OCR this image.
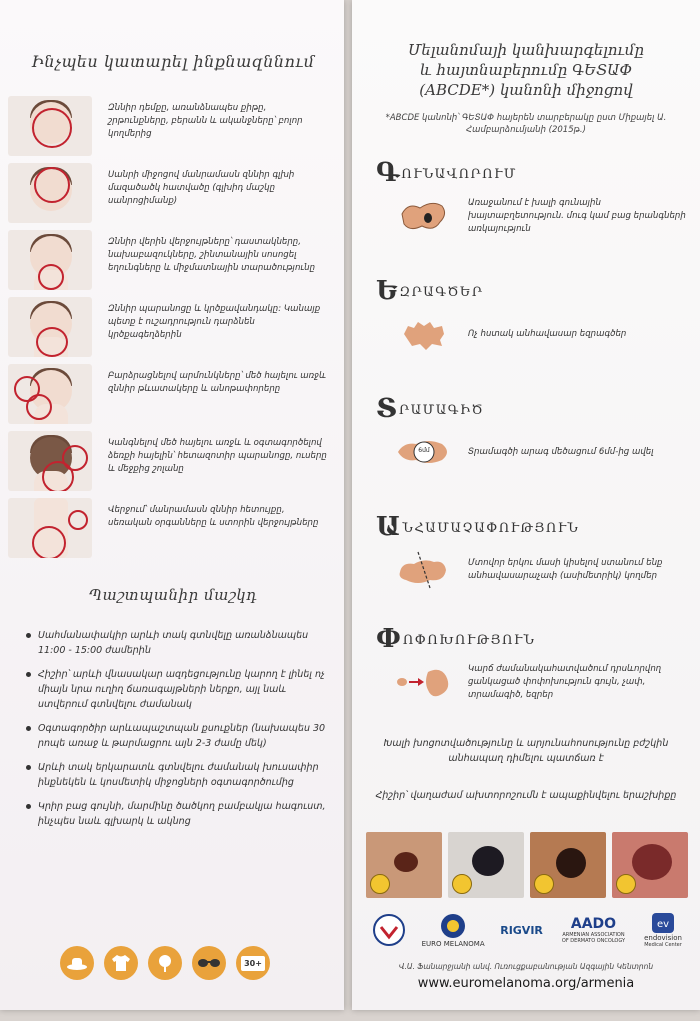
Ինչպես կատարել ինքնազննում
Զննիր դեմքը, առանձնապես քիթը, շրթունքները, բերանն և ականջները՝ բոլոր կողմերից
Սանրի միջոցով մանրամասն զննիր գլխի մազածածկ հատվածը (գլխիդ մաշկը սանրոցիմանք)
Զննիր վերին վերջույթները՝ դաստակները, նախաբազուկները, շինտանային սոսոցել եղունգները և միջմատնային տարածությունը
Զննիր պարանոցը և կրծքավանդակը: Կանայք պետք է ուշադրություն դարձնեն կրծքագեղձերին
Բարձրացնելով արմունկները՝ մեծ հայելու առջև զննիր թևատակերը և անոթափորերը
Կանգնելով մեծ հայելու առջև և օգտագործելով ձեռքի հայելին՝ հետազոտիր պարանոցը, ուսերը և մեջքից շոլանը
Վերջում՝ մանրամասն զննիր հետույքը, սեռական օրգանները և ստորին վերջույթները
Պաշտպանիր մաշկդ
Սահմանափակիր արևի տակ գտնվելը առանձնապես 11:00 - 15:00 ժամերին
Հիշիր՝ արևի վնասակար ազդեցությունը կարող է լինել ոչ միայն նրա ուղիղ ճառագայթների ներքո, այլ նաև ստվերում գտնվելու ժամանակ
Օգտագործիր արևապաշտպան քսուքներ (նախապես 30 րոպե առաջ և թարմացրու այն 2-3 ժամը մեկ)
Արևի տակ երկարատև գտնվելու ժամանակ խուսափիր ինքնեկեն և կոսմետիկ միջոցների օգտագործումից
Կրիր բաց գույնի, մարմինը ծածկող բամբակյա հագուստ, ինչպես նաև գլխարկ և ակնոց
30+
Մելանոմայի կանխարգելումը
և հայտնաբերումը ԳԵՏԱՓ
(ABCDE*) կանոնի միջոցով
*ABCDE կանոնի՝ ԳԵՏԱՓ հայերեն տարբերակը ըստ Միքայել Ա. Համբարձումյանի (2015թ.)
ԳՈՒՆԱՎՈՐՈՒՄ
Առաջանում է խալի գունային խայտաբղետություն. մուգ կամ բաց երանգների առկայություն
ԵԶՐԱԳԾԵՐ
Ոչ հստակ անհավասար եզրագծեր
ՏՐԱՄԱԳԻԾ
6մմ	Տրամագծի արագ մեծացում 6մմ-ից ավել
ԱՆՀԱՄԱՉԱՓՈՒԹՅՈՒՆ
Մտովոր երկու մասի կիսելով ստանում ենք անհավասարաչափ (ասիմետրիկ) կողմեր
ՓՈՓՈԽՈՒԹՅՈՒՆ
Կարճ ժամանակահատվածում դրսևորվող ցանկացած փոփոխություն գույն, չափ, տրամագիծ, եզրեր
Խալի խոցոտվածությունը և արյունահոսությունը բժշկին անհապաղ դիմելու պատճառ է
Հիշիր՝ վաղաժամ ախտորոշումն է ապաքինվելու երաշխիքը
EURO MELANOMA
RIGVIR AADO
ARMENIAN ASSOCIATION OF DERMATO ONCOLOGY
ev
endovision
Medical Center
Վ.Ա. Ֆանարջյանի անվ. Ուռուցքաբանության Ազգային Կենտրոն
www.euromelanoma.org/armenia
